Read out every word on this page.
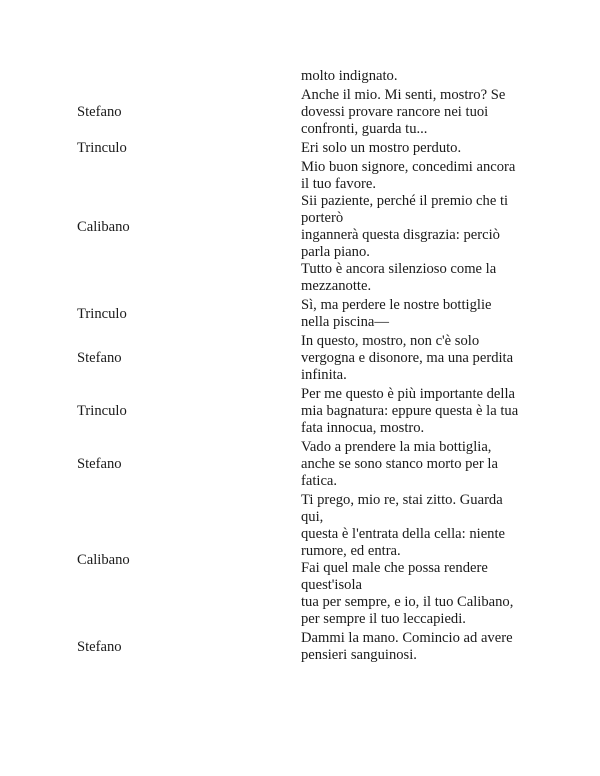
molto indignato.
Stefano
Anche il mio. Mi senti, mostro? Se
dovessi provare rancore nei tuoi
confronti, guarda tu...
Trinculo	Eri solo un mostro perduto.
Calibano
Mio buon signore, concedimi ancora
il tuo favore.
Sii paziente, perché il premio che ti
porterò
ingannerà questa disgrazia: perciò
parla piano.
Tutto è ancora silenzioso come la
mezzanotte.
Trinculo
Sì, ma perdere le nostre bottiglie
nella piscina—
Stefano
In questo, mostro, non c'è solo
vergogna e disonore, ma una perdita
infinita.
Trinculo
Per me questo è più importante della
mia bagnatura: eppure questa è la tua
fata innocua, mostro.
Stefano
Vado a prendere la mia bottiglia,
anche se sono stanco morto per la
fatica.
Calibano
Ti prego, mio re, stai zitto. Guarda
qui,
questa è l'entrata della cella: niente
rumore, ed entra.
Fai quel male che possa rendere
quest'isola
tua per sempre, e io, il tuo Calibano,
per sempre il tuo leccapiedi.
Stefano
Dammi la mano. Comincio ad avere
pensieri sanguinosi.
